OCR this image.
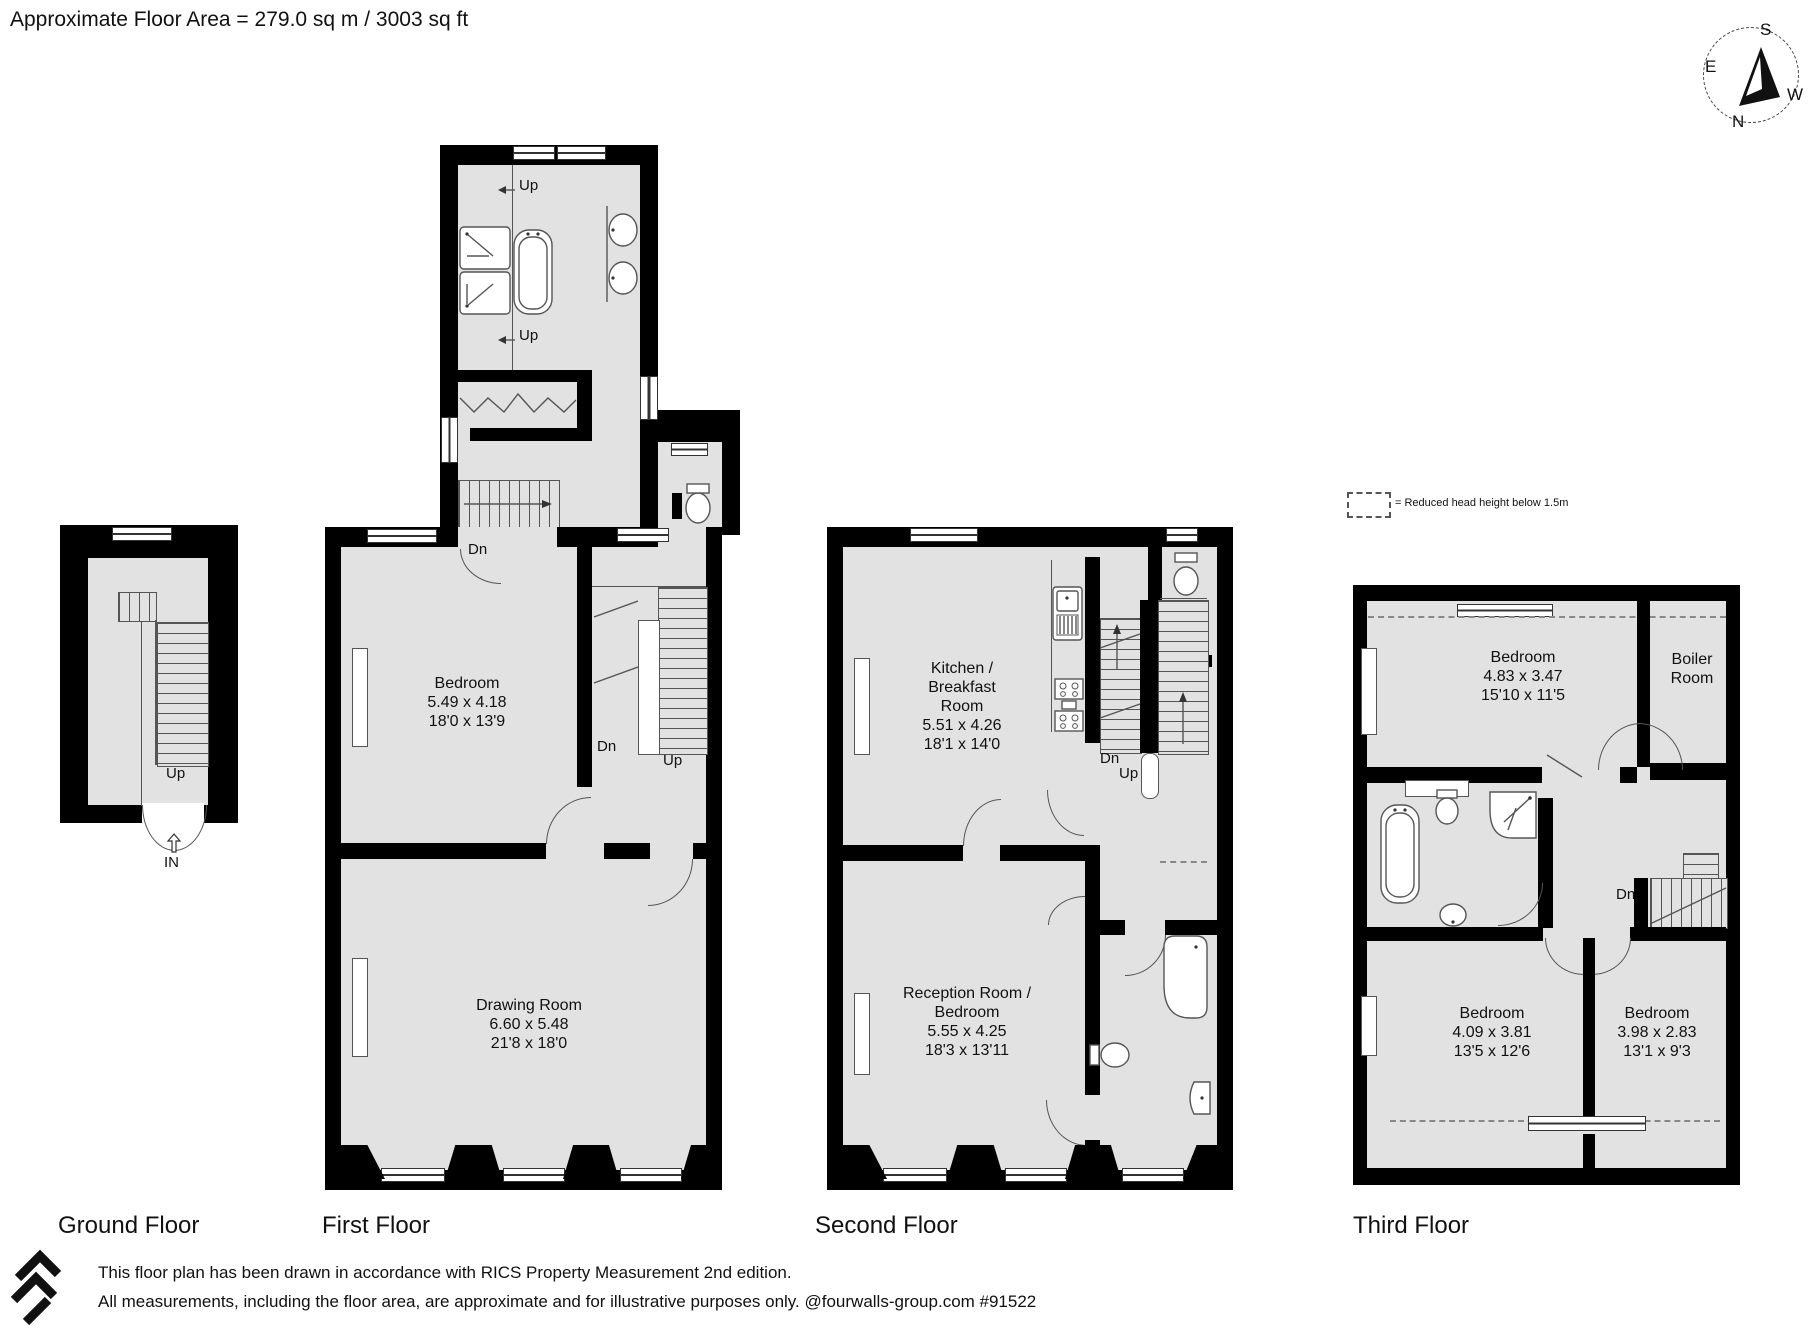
Approximate Floor Area = 279.0 sq m / 3003 sq ft	S
E
W
N
Up
IN
Up
Up
Dn
Dn
Up
Bedroom
5.49 x 4.18
18'0 x 13'9
Drawing Room
6.60 x 5.48
21'8 x 18'0
Dn
Up
Kitchen /
Breakfast
Room
5.51 x 4.26
18'1 x 14'0
Reception Room /
Bedroom
5.55 x 4.25
18'3 x 13'11
= Reduced head height below 1.5m
Dn
Bedroom
4.83 x 3.47
15'10 x 11'5
Boiler
Room
Bedroom
4.09 x 3.81
13'5 x 12'6
Bedroom
3.98 x 2.83
13'1 x 9'3
Ground Floor	First Floor	Second Floor	Third Floor
This floor plan has been drawn in accordance with RICS Property Measurement 2nd edition.
All measurements, including the floor area, are approximate and for illustrative purposes only. @fourwalls-group.com #91522
